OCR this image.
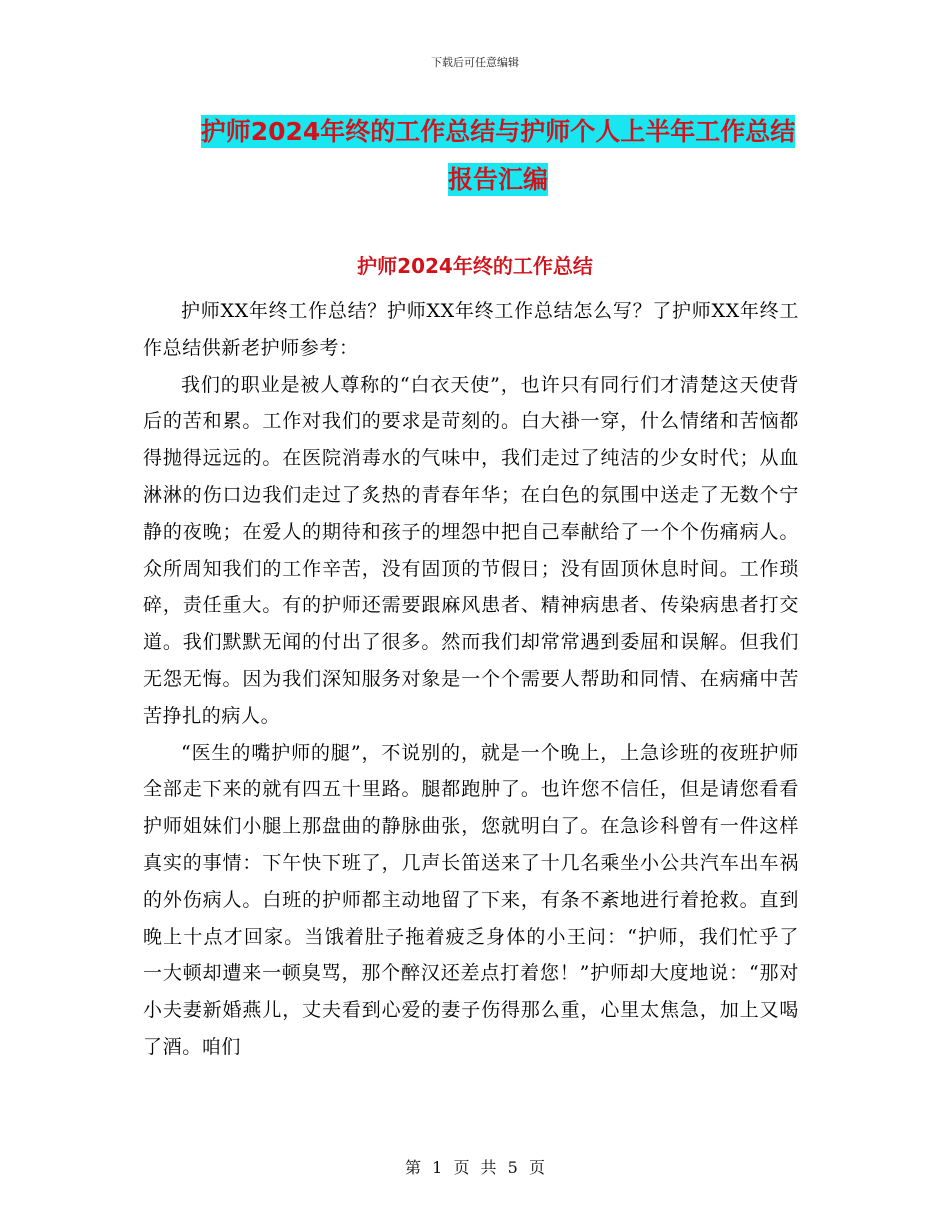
下载后可任意编辑
护师2024年终的工作总结与护师个人上半年工作总结
报告汇编
护师2024年终的工作总结

护师XX年终工作总结？护师XX年终工作总结怎么写？了护师XX年终工作总结供新老护师参考：

我们的职业是被人尊称的“白衣天使”，也许只有同行们才清楚这天使背后的苦和累。工作对我们的要求是苛刻的。白大褂一穿，什么情绪和苦恼都得抛得远远的。在医院消毒水的气味中，我们走过了纯洁的少女时代；从血淋淋的伤口边我们走过了炙热的青春年华；在白色的氛围中送走了无数个宁静的夜晚；在爱人的期待和孩子的埋怨中把自己奉献给了一个个伤痛病人。众所周知我们的工作辛苦，没有固顶的节假日；没有固顶休息时间。工作琐碎，责任重大。有的护师还需要跟麻风患者、精神病患者、传染病患者打交道。我们默默无闻的付出了很多。然而我们却常常遇到委屈和误解。但我们无怨无悔。因为我们深知服务对象是一个个需要人帮助和同情、在病痛中苦苦挣扎的病人。

“医生的嘴护师的腿”，不说别的，就是一个晚上，上急诊班的夜班护师全部走下来的就有四五十里路。腿都跑肿了。也许您不信任，但是请您看看护师姐妹们小腿上那盘曲的静脉曲张，您就明白了。在急诊科曾有一件这样真实的事情：下午快下班了，几声长笛送来了十几名乘坐小公共汽车出车祸的外伤病人。白班的护师都主动地留了下来，有条不紊地进行着抢救。直到晚上十点才回家。当饿着肚子拖着疲乏身体的小王问：“护师，我们忙乎了一大顿却遭来一顿臭骂，那个醉汉还差点打着您！”护师却大度地说：“那对小夫妻新婚燕儿，丈夫看到心爱的妻子伤得那么重，心里太焦急，加上又喝了酒。咱们

第 1 页 共 5 页
